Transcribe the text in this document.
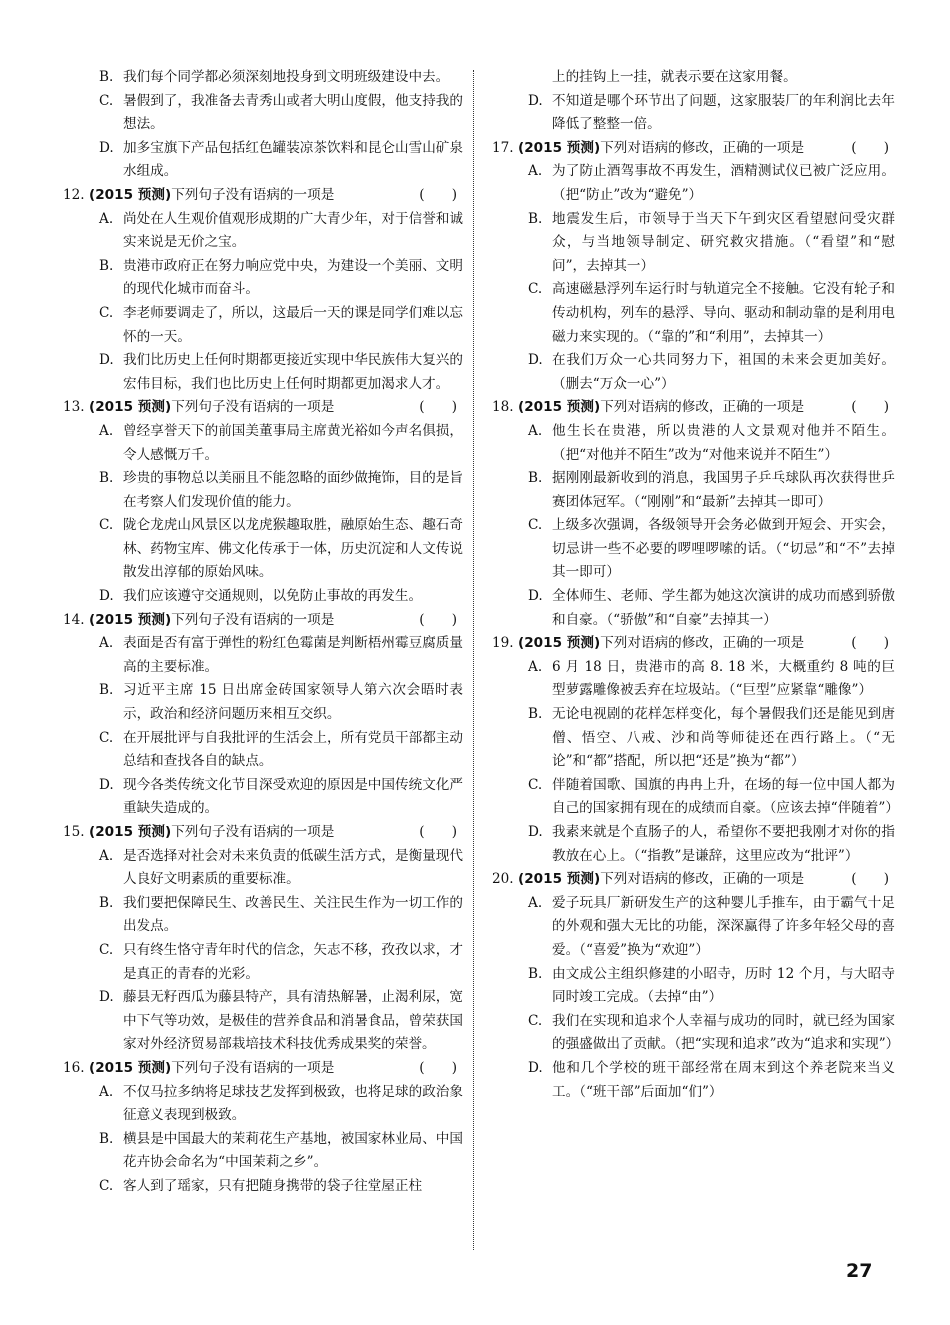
B. 我们每个同学都必须深刻地投身到文明班级建设中去。
C. 暑假到了，我准备去青秀山或者大明山度假，他支持我的想法。
D. 加多宝旗下产品包括红色罐装凉茶饮料和昆仑山雪山矿泉水组成。
12. (2015 预测)下列句子没有语病的一项是	(　　)
A. 尚处在人生观价值观形成期的广大青少年，对于信誉和诚实来说是无价之宝。
B. 贵港市政府正在努力响应党中央，为建设一个美丽、文明的现代化城市而奋斗。
C. 李老师要调走了，所以，这最后一天的课是同学们难以忘怀的一天。
D. 我们比历史上任何时期都更接近实现中华民族伟大复兴的宏伟目标，我们也比历史上任何时期都更加渴求人才。
13. (2015 预测)下列句子没有语病的一项是	(　　)
A. 曾经享誉天下的前国美董事局主席黄光裕如今声名俱损，令人感慨万千。
B. 珍贵的事物总以美丽且不能忽略的面纱做掩饰，目的是旨在考察人们发现价值的能力。
C. 陇仑龙虎山风景区以龙虎猴趣取胜，融原始生态、趣石奇林、药物宝库、佛文化传承于一体，历史沉淀和人文传说散发出淳郁的原始风味。
D. 我们应该遵守交通规则，以免防止事故的再发生。
14. (2015 预测)下列句子没有语病的一项是	(　　)
A. 表面是否有富于弹性的粉红色霉菌是判断梧州霉豆腐质量高的主要标准。
B. 习近平主席 15 日出席金砖国家领导人第六次会晤时表示，政治和经济问题历来相互交织。
C. 在开展批评与自我批评的生活会上，所有党员干部都主动总结和查找各自的缺点。
D. 现今各类传统文化节目深受欢迎的原因是中国传统文化严重缺失造成的。
15. (2015 预测)下列句子没有语病的一项是	(　　)
A. 是否选择对社会对未来负责的低碳生活方式，是衡量现代人良好文明素质的重要标准。
B. 我们要把保障民生、改善民生、关注民生作为一切工作的出发点。
C. 只有终生恪守青年时代的信念，矢志不移，孜孜以求，才是真正的青春的光彩。
D. 藤县无籽西瓜为藤县特产，具有清热解暑，止渴利尿，宽中下气等功效，是极佳的营养食品和消暑食品，曾荣获国家对外经济贸易部栽培技术科技优秀成果奖的荣誉。
16. (2015 预测)下列句子没有语病的一项是	(　　)
A. 不仅马拉多纳将足球技艺发挥到极致，也将足球的政治象征意义表现到极致。
B. 横县是中国最大的茉莉花生产基地，被国家林业局、中国花卉协会命名为“中国茉莉之乡”。
C. 客人到了瑶家，只有把随身携带的袋子往堂屋正柱
上的挂钩上一挂，就表示要在这家用餐。
D. 不知道是哪个环节出了问题，这家服装厂的年利润比去年降低了整整一倍。
17. (2015 预测)下列对语病的修改，正确的一项是	(　　)
A. 为了防止酒驾事故不再发生，酒精测试仪已被广泛应用。（把“防止”改为“避免”）
B. 地震发生后，市领导于当天下午到灾区看望慰问受灾群众，与当地领导制定、研究救灾措施。（“看望”和“慰问”，去掉其一）
C. 高速磁悬浮列车运行时与轨道完全不接触。它没有轮子和传动机构，列车的悬浮、导向、驱动和制动靠的是利用电磁力来实现的。（“靠的”和“利用”，去掉其一）
D. 在我们万众一心共同努力下，祖国的未来会更加美好。（删去“万众一心”）
18. (2015 预测)下列对语病的修改，正确的一项是	(　　)
A. 他生长在贵港，所以贵港的人文景观对他并不陌生。（把“对他并不陌生”改为“对他来说并不陌生”）
B. 据刚刚最新收到的消息，我国男子乒乓球队再次获得世乒赛团体冠军。（“刚刚”和“最新”去掉其一即可）
C. 上级多次强调，各级领导开会务必做到开短会、开实会，切忌讲一些不必要的啰哩啰嗦的话。（“切忌”和“不”去掉其一即可）
D. 全体师生、老师、学生都为她这次演讲的成功而感到骄傲和自豪。（“骄傲”和“自豪”去掉其一）
19. (2015 预测)下列对语病的修改，正确的一项是	(　　)
A. 6 月 18 日，贵港市的高 8. 18 米，大概重约 8 吨的巨型萝露雕像被丢弃在垃圾站。（“巨型”应紧靠“雕像”）
B. 无论电视剧的花样怎样变化，每个暑假我们还是能见到唐僧、悟空、八戒、沙和尚等师徒还在西行路上。（“无论”和“都”搭配，所以把“还是”换为“都”）
C. 伴随着国歌、国旗的冉冉上升，在场的每一位中国人都为自己的国家拥有现在的成绩而自豪。（应该去掉“伴随着”）
D. 我素来就是个直肠子的人，希望你不要把我刚才对你的指教放在心上。（“指教”是谦辞，这里应改为“批评”）
20. (2015 预测)下列对语病的修改，正确的一项是	(　　)
A. 爱子玩具厂新研发生产的这种婴儿手推车，由于霸气十足的外观和强大无比的功能，深深赢得了许多年轻父母的喜爱。（“喜爱”换为“欢迎”）
B. 由文成公主组织修建的小昭寺，历时 12 个月，与大昭寺同时竣工完成。（去掉“由”）
C. 我们在实现和追求个人幸福与成功的同时，就已经为国家的强盛做出了贡献。（把“实现和追求”改为“追求和实现”）
D. 他和几个学校的班干部经常在周末到这个养老院来当义工。（“班干部”后面加“们”）
27
